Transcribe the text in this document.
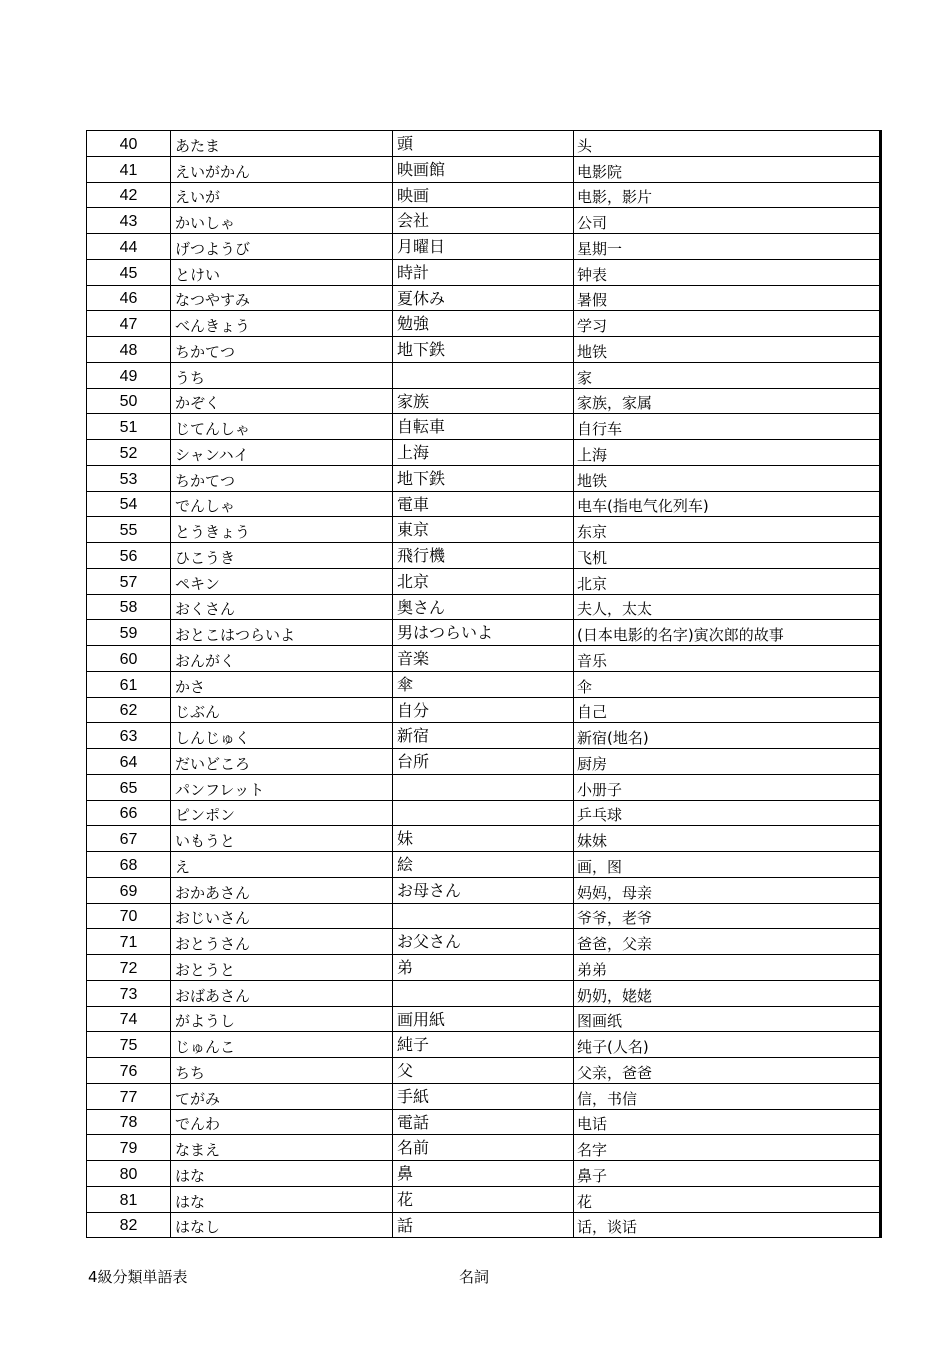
40	あたま	頭	头
41	えいがかん	映画館	电影院
42	えいが	映画	电影，影片
43	かいしゃ	会社	公司
44	げつようび	月曜日	星期一
45	とけい	時計	钟表
46	なつやすみ	夏休み	暑假
47	べんきょう	勉強	学习
48	ちかてつ	地下鉄	地铁
49	うち		家
50	かぞく	家族	家族，家属
51	じてんしゃ	自転車	自行车
52	シャンハイ	上海	上海
53	ちかてつ	地下鉄	地铁
54	でんしゃ	電車	电车(指电气化列车)
55	とうきょう	東京	东京
56	ひこうき	飛行機	飞机
57	ペキン	北京	北京
58	おくさん	奥さん	夫人，太太
59	おとこはつらいよ	男はつらいよ	(日本电影的名字)寅次郎的故事
60	おんがく	音楽	音乐
61	かさ	傘	伞
62	じぶん	自分	自己
63	しんじゅく	新宿	新宿(地名)
64	だいどころ	台所	厨房
65	パンフレット		小册子
66	ピンポン		乒乓球
67	いもうと	妹	妹妹
68	え	絵	画，图
69	おかあさん	お母さん	妈妈，母亲
70	おじいさん		爷爷，老爷
71	おとうさん	お父さん	爸爸，父亲
72	おとうと	弟	弟弟
73	おばあさん		奶奶，姥姥
74	がようし	画用紙	图画纸
75	じゅんこ	純子	纯子(人名)
76	ちち	父	父亲，爸爸
77	てがみ	手紙	信，书信
78	でんわ	電話	电话
79	なまえ	名前	名字
80	はな	鼻	鼻子
81	はな	花	花
82	はなし	話	话，谈话
4級分類単語表	名詞
